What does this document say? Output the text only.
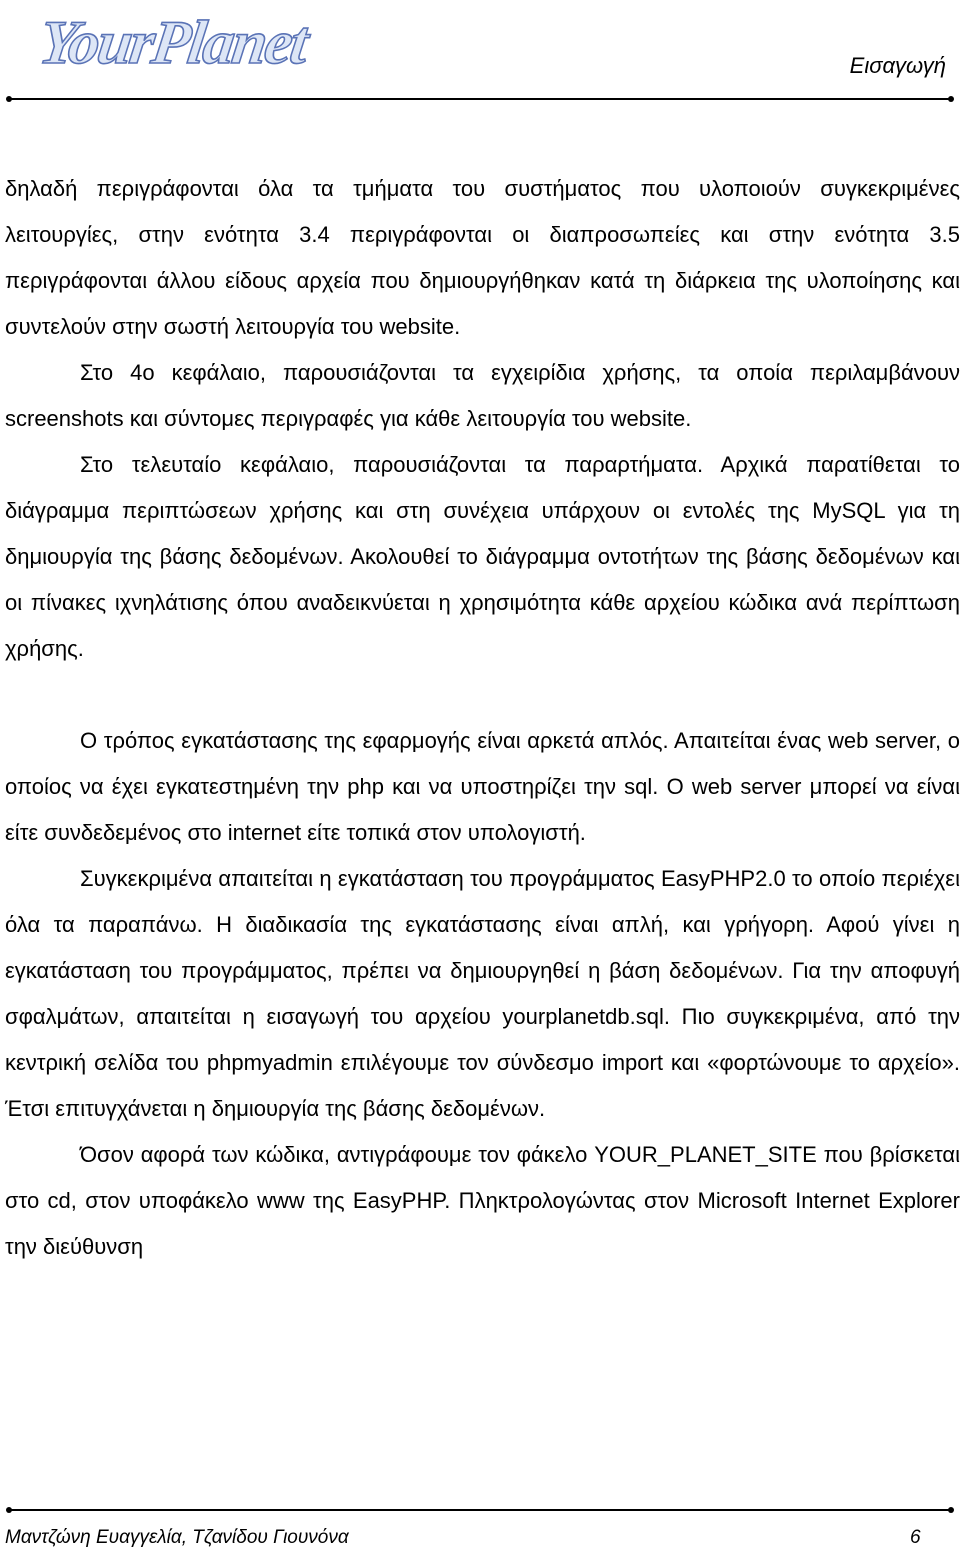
YourPlanet	Εισαγωγή

δηλαδή περιγράφονται όλα τα τμήματα του συστήματος που υλοποιούν συγκεκριμένες λειτουργίες, στην ενότητα 3.4 περιγράφονται οι διαπροσωπείες και στην ενότητα 3.5 περιγράφονται άλλου είδους αρχεία που δημιουργήθηκαν κατά τη διάρκεια της υλοποίησης και συντελούν στην σωστή λειτουργία του website.

Στο 4ο κεφάλαιο, παρουσιάζονται τα εγχειρίδια χρήσης, τα οποία περιλαμβάνουν screenshots και σύντομες περιγραφές για κάθε λειτουργία του website.

Στο τελευταίο κεφάλαιο, παρουσιάζονται τα παραρτήματα. Αρχικά παρατίθεται το διάγραμμα περιπτώσεων χρήσης και στη συνέχεια υπάρχουν οι εντολές της MySQL για τη δημιουργία της βάσης δεδομένων. Ακολουθεί το διάγραμμα οντοτήτων της βάσης δεδομένων και οι πίνακες ιχνηλάτισης όπου αναδεικνύεται η χρησιμότητα κάθε αρχείου κώδικα ανά περίπτωση χρήσης.

Ο τρόπος εγκατάστασης της εφαρμογής είναι αρκετά απλός. Απαιτείται ένας web server, ο οποίος να έχει εγκατεστημένη την php και να υποστηρίζει την sql. Ο web server μπορεί να είναι είτε συνδεδεμένος στο internet είτε τοπικά στον υπολογιστή.

Συγκεκριμένα απαιτείται η εγκατάσταση του προγράμματος EasyPHP2.0 το οποίο περιέχει όλα τα παραπάνω. Η διαδικασία της εγκατάστασης είναι απλή, και γρήγορη. Αφού γίνει η εγκατάσταση του προγράμματος, πρέπει να δημιουργηθεί η βάση δεδομένων. Για την αποφυγή σφαλμάτων, απαιτείται η εισαγωγή του αρχείου yourplanetdb.sql. Πιο συγκεκριμένα, από την κεντρική σελίδα του phpmyadmin επιλέγουμε τον σύνδεσμο import και «φορτώνουμε το αρχείο». Έτσι επιτυγχάνεται η δημιουργία της βάσης δεδομένων.

Όσον αφορά των κώδικα, αντιγράφουμε τον φάκελο YOUR_PLANET_SITE που βρίσκεται στο cd, στον υποφάκελο www της EasyPHP. Πληκτρολογώντας στον Microsoft Internet Explorer την διεύθυνση

Μαντζώνη Ευαγγελία, Τζανίδου Γιουνόνα	6
